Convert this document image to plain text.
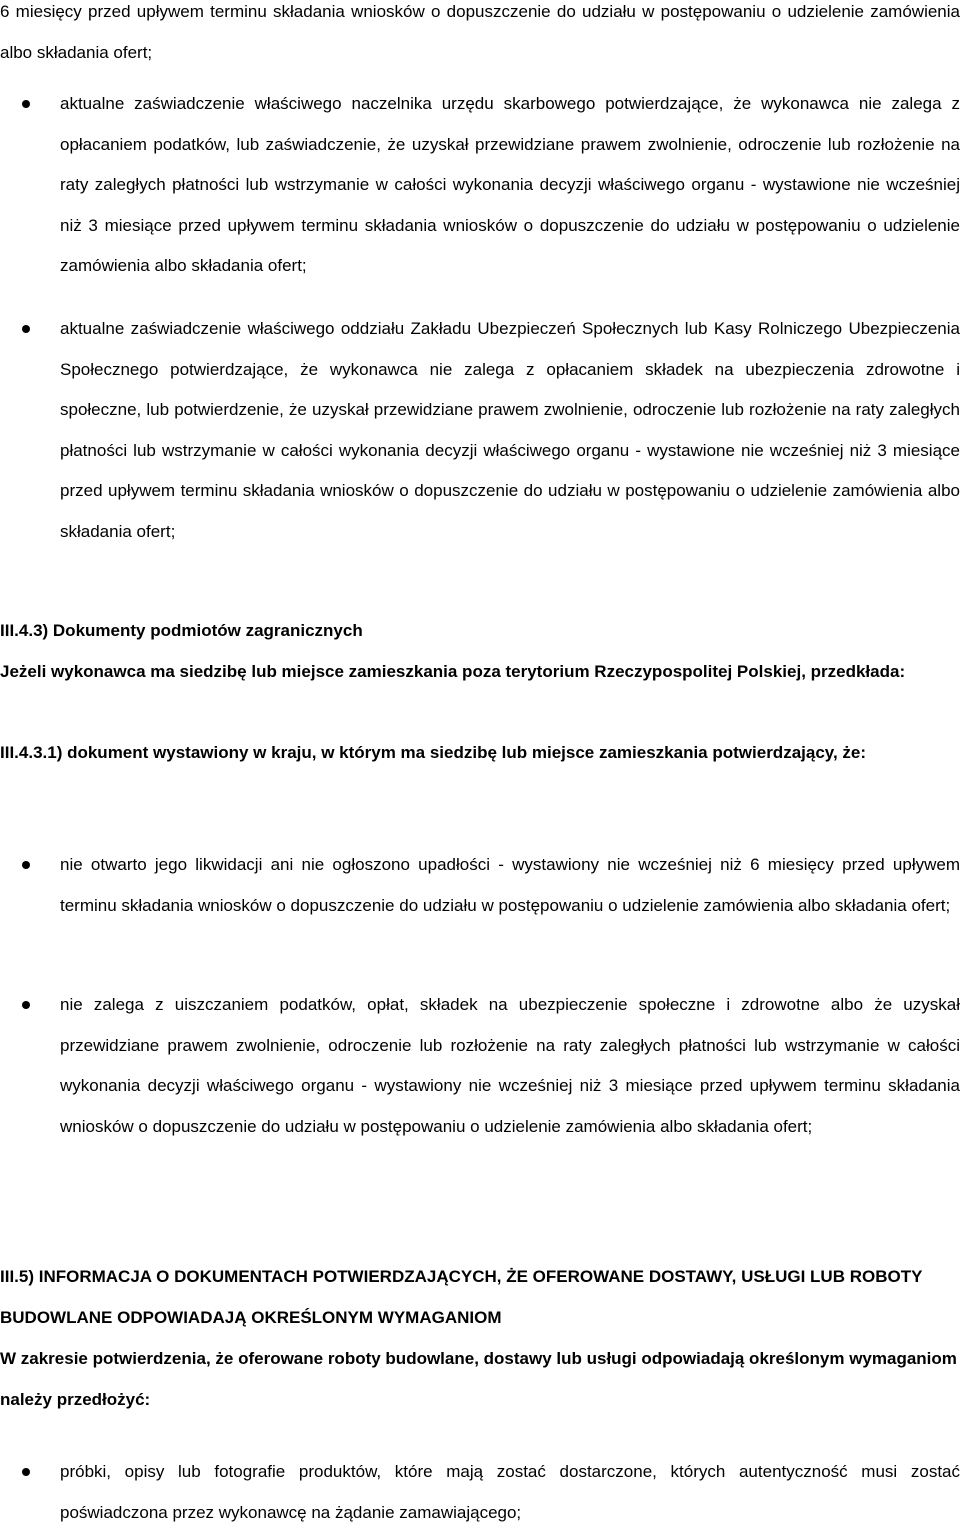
6 miesięcy przed upływem terminu składania wniosków o dopuszczenie do udziału w postępowaniu o udzielenie zamówienia albo składania ofert;

aktualne zaświadczenie właściwego naczelnika urzędu skarbowego potwierdzające, że wykonawca nie zalega z opłacaniem podatków, lub zaświadczenie, że uzyskał przewidziane prawem zwolnienie, odroczenie lub rozłożenie na raty zaległych płatności lub wstrzymanie w całości wykonania decyzji właściwego organu - wystawione nie wcześniej niż 3 miesiące przed upływem terminu składania wniosków o dopuszczenie do udziału w postępowaniu o udzielenie zamówienia albo składania ofert;
aktualne zaświadczenie właściwego oddziału Zakładu Ubezpieczeń Społecznych lub Kasy Rolniczego Ubezpieczenia Społecznego potwierdzające, że wykonawca nie zalega z opłacaniem składek na ubezpieczenia zdrowotne i społeczne, lub potwierdzenie, że uzyskał przewidziane prawem zwolnienie, odroczenie lub rozłożenie na raty zaległych płatności lub wstrzymanie w całości wykonania decyzji właściwego organu - wystawione nie wcześniej niż 3 miesiące przed upływem terminu składania wniosków o dopuszczenie do udziału w postępowaniu o udzielenie zamówienia albo składania ofert;
III.4.3) Dokumenty podmiotów zagranicznych
Jeżeli wykonawca ma siedzibę lub miejsce zamieszkania poza terytorium Rzeczypospolitej Polskiej, przedkłada:
III.4.3.1) dokument wystawiony w kraju, w którym ma siedzibę lub miejsce zamieszkania potwierdzający, że:
nie otwarto jego likwidacji ani nie ogłoszono upadłości - wystawiony nie wcześniej niż 6 miesięcy przed upływem terminu składania wniosków o dopuszczenie do udziału w postępowaniu o udzielenie zamówienia albo składania ofert;
nie zalega z uiszczaniem podatków, opłat, składek na ubezpieczenie społeczne i zdrowotne albo że uzyskał przewidziane prawem zwolnienie, odroczenie lub rozłożenie na raty zaległych płatności lub wstrzymanie w całości wykonania decyzji właściwego organu - wystawiony nie wcześniej niż 3 miesiące przed upływem terminu składania wniosków o dopuszczenie do udziału w postępowaniu o udzielenie zamówienia albo składania ofert;
III.5) INFORMACJA O DOKUMENTACH POTWIERDZAJĄCYCH, ŻE OFEROWANE DOSTAWY, USŁUGI LUB ROBOTY BUDOWLANE ODPOWIADAJĄ OKREŚLONYM WYMAGANIOM
W zakresie potwierdzenia, że oferowane roboty budowlane, dostawy lub usługi odpowiadają określonym wymaganiom należy przedłożyć:
próbki, opisy lub fotografie produktów, które mają zostać dostarczone, których autentyczność musi zostać poświadczona przez wykonawcę na żądanie zamawiającego;
